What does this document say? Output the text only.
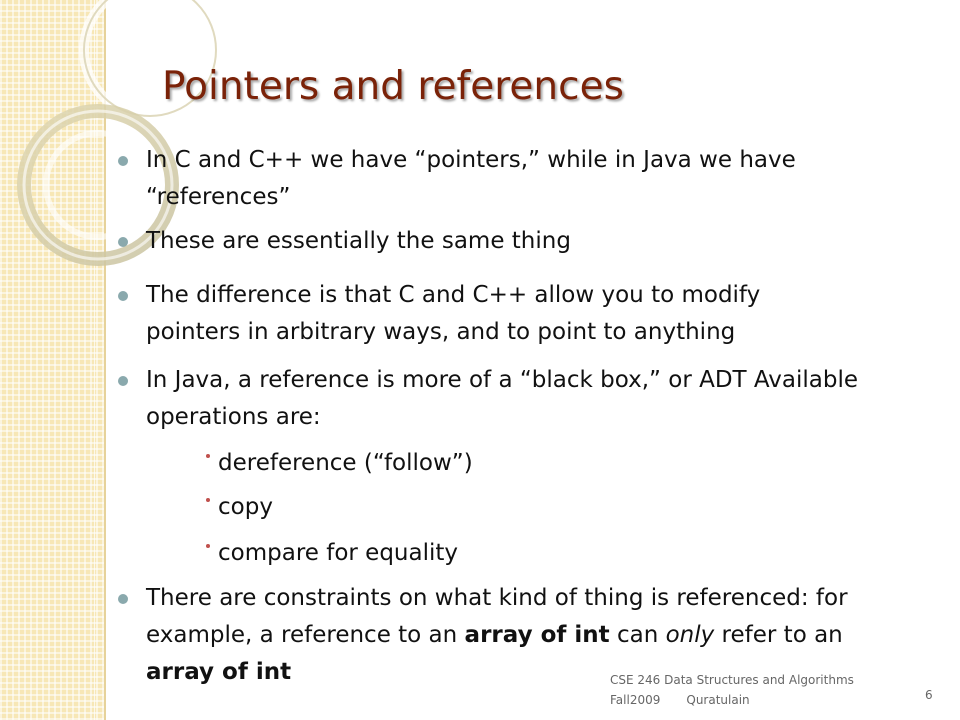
Pointers and references
In C and C++ we have “pointers,” while in Java we have
“references”
These are essentially the same thing
The difference is that C and C++ allow you to modify
pointers in arbitrary ways, and to point to anything
In Java, a reference is more of a “black box,” or ADT Available
operations are:
dereference (“follow”)
copy
compare for equality
There are constraints on what kind of thing is referenced: for
example, a reference to an array of int can only refer to an
array of int	CSE 246 Data Structures and Algorithms
Fall2009 Quratulain	6
